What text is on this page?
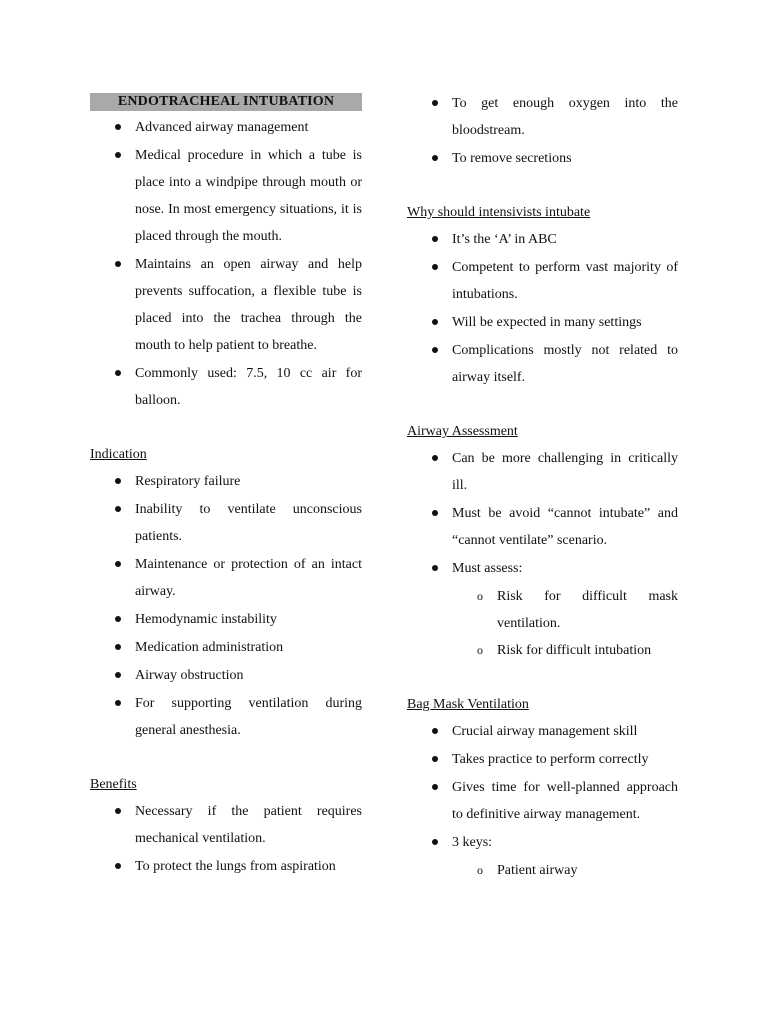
ENDOTRACHEAL INTUBATION
Advanced airway management
Medical procedure in which a tube is place into a windpipe through mouth or nose. In most emergency situations, it is placed through the mouth.
Maintains an open airway and help prevents suffocation, a flexible tube is placed into the trachea through the mouth to help patient to breathe.
Commonly used: 7.5, 10 cc air for balloon.
Indication
Respiratory failure
Inability to ventilate unconscious patients.
Maintenance or protection of an intact airway.
Hemodynamic instability
Medication administration
Airway obstruction
For supporting ventilation during general anesthesia.
Benefits
Necessary if the patient requires mechanical ventilation.
To protect the lungs from aspiration
To get enough oxygen into the bloodstream.
To remove secretions
Why should intensivists intubate
It’s the ‘A’ in ABC
Competent to perform vast majority of intubations.
Will be expected in many settings
Complications mostly not related to airway itself.
Airway Assessment
Can be more challenging in critically ill.
Must be avoid “cannot intubate” and “cannot ventilate” scenario.
Must assess:
o Risk for difficult mask ventilation.
o Risk for difficult intubation
Bag Mask Ventilation
Crucial airway management skill
Takes practice to perform correctly
Gives time for well-planned approach to definitive airway management.
3 keys:
o Patient airway
